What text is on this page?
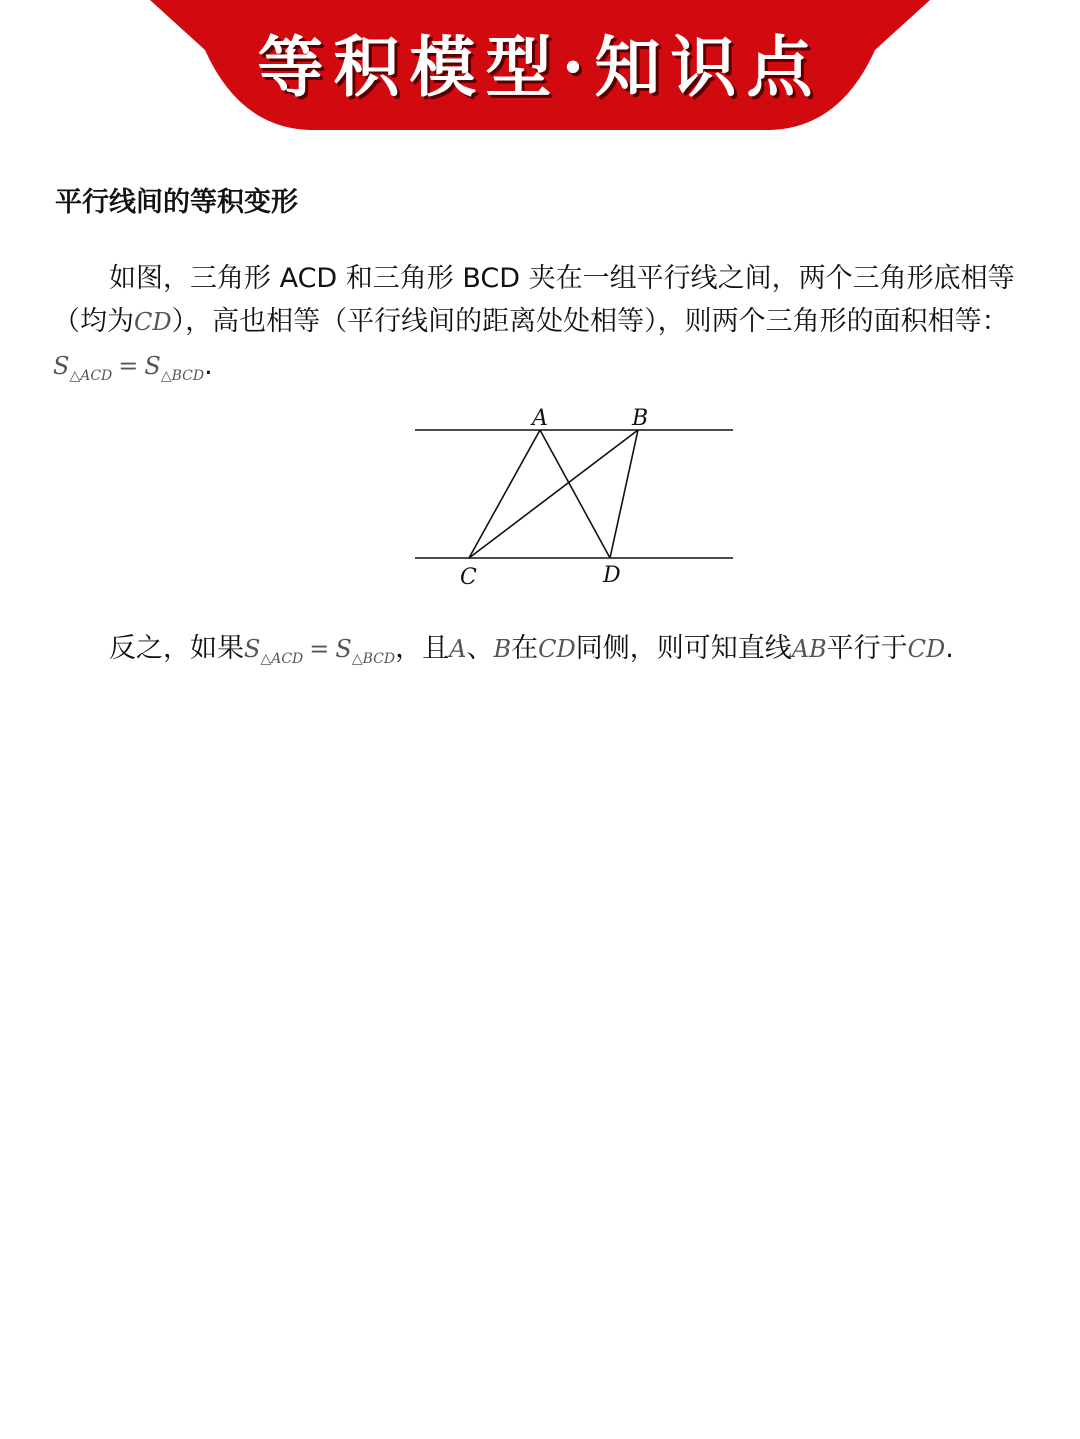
等积模型·知识点
平行线间的等积变形

如图，三角形 ACD 和三角形 BCD 夹在一组平行线之间，两个三角形底相等（均为CD），高也相等（平行线间的距离处处相等），则两个三角形的面积相等： $S_{\triangle ACD} = S_{\triangle BCD}$.

A	B
C	D

反之，如果$S_{\triangle ACD} = S_{\triangle BCD}$，且A、B在CD同侧，则可知直线AB平行于CD.
